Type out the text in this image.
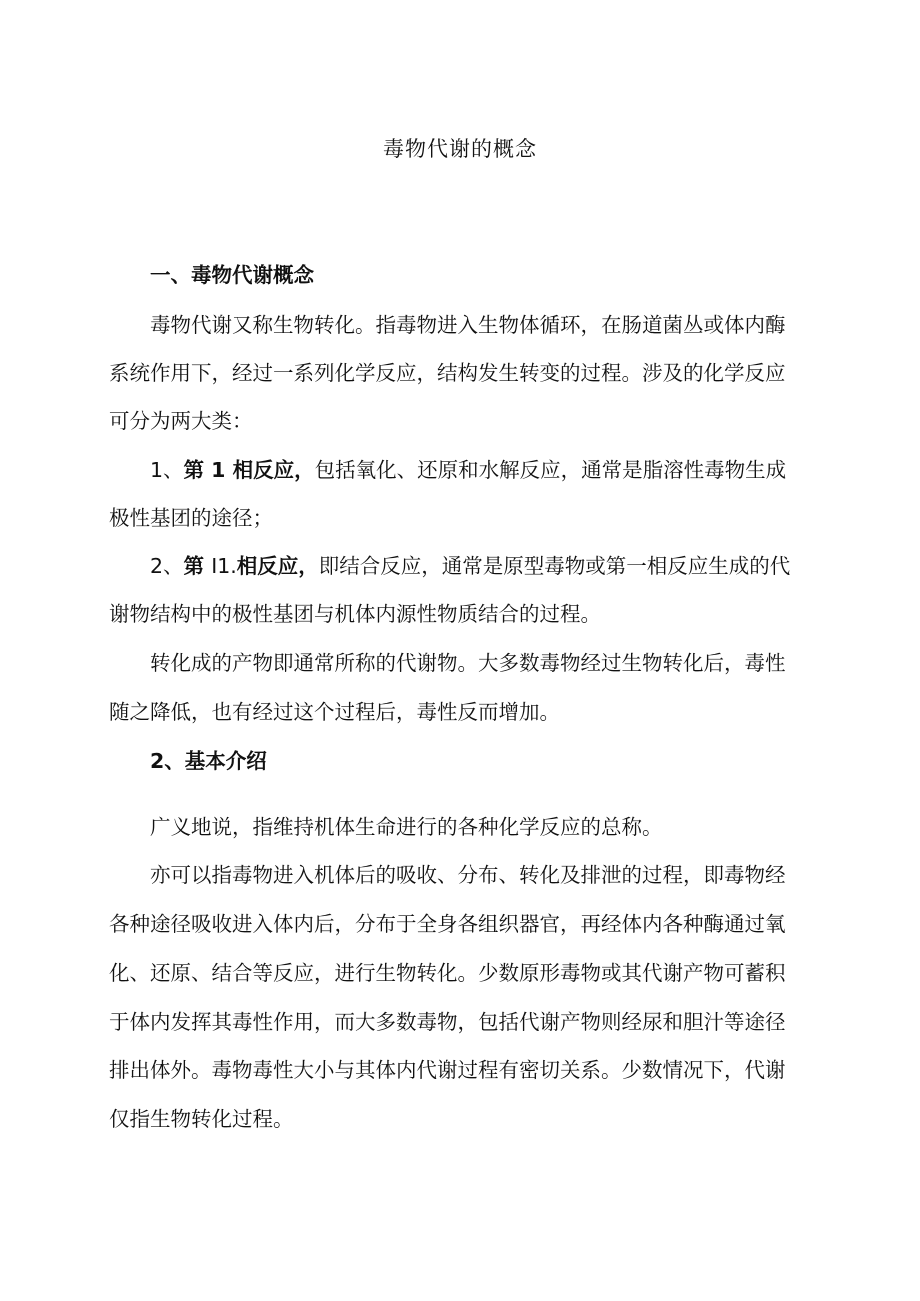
毒物代谢的概念
一、毒物代谢概念
毒物代谢又称生物转化。指毒物进入生物体循环，在肠道菌丛或体内酶
系统作用下，经过一系列化学反应，结构发生转变的过程。涉及的化学反应
可分为两大类：
1、第 1 相反应，包括氧化、还原和水解反应，通常是脂溶性毒物生成
极性基团的途径；
2、第 I1.相反应，即结合反应，通常是原型毒物或第一相反应生成的代
谢物结构中的极性基团与机体内源性物质结合的过程。
转化成的产物即通常所称的代谢物。大多数毒物经过生物转化后，毒性
随之降低，也有经过这个过程后，毒性反而增加。
2、基本介绍
广义地说，指维持机体生命进行的各种化学反应的总称。
亦可以指毒物进入机体后的吸收、分布、转化及排泄的过程，即毒物经
各种途径吸收进入体内后，分布于全身各组织器官，再经体内各种酶通过氧
化、还原、结合等反应，进行生物转化。少数原形毒物或其代谢产物可蓄积
于体内发挥其毒性作用，而大多数毒物，包括代谢产物则经尿和胆汁等途径
排出体外。毒物毒性大小与其体内代谢过程有密切关系。少数情况下，代谢
仅指生物转化过程。
